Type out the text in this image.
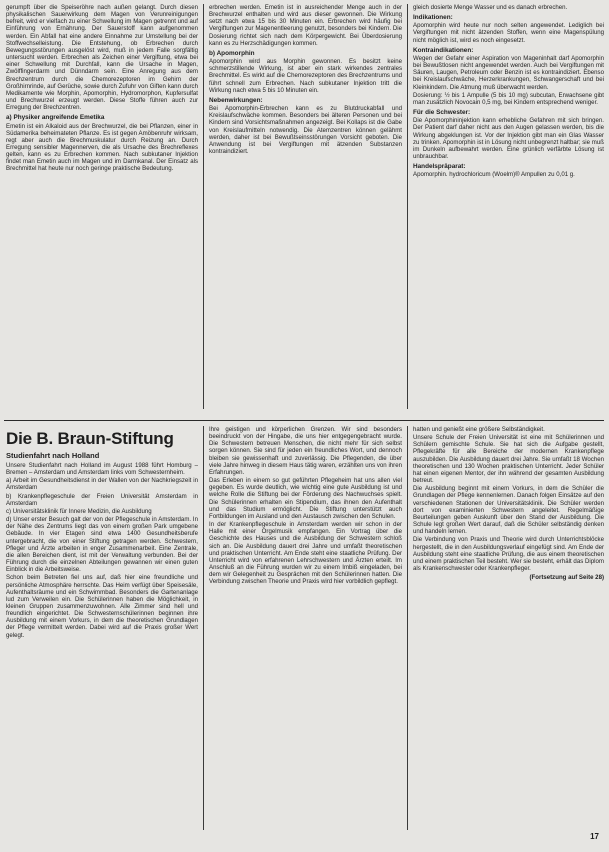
gerumpft über die Speiseröhre nach außen gelangt. Durch diesen physikalischen Sauerwirkung dem Magen von Verunreinigungen befreit, wird er vielfach zu einer Schwellung im Magen getrennt und auf Einführung von Ernährung. Der Sauerstoff kann aufgenommen werden. Ein Abfall hat eine andere Einnahme zur Umstellung bei der Stoffwechselleistung. Die Entstehung, ob Erbrechen durch Bewegungsstörungen ausgelöst wird, muß in jedem Falle sorgfältig untersucht werden. Erbrechen als Zeichen einer Vergiftung, etwa bei einer Schwellung mit Durchfall, kann die Ursache in Magen, Zwölffingerdarm und Dünndarm sein. Eine Anregung aus dem Brechzentrum durch die Chemorezeptoren im Gehirn der Großhirnrinde, auf Gerüche, sowie durch Zufuhr von Giften kann durch Medikamente wie Morphin, Apomorphin, Hydromorphon, Kupfersulfat und Brechwurzel erzeugt werden. Diese Stoffe führen auch zur Erregung der Brechzentren.

a) Physiker angreifende Emetika

Emetin ist ein Alkaloid aus der Brechwurzel, die bei Pflanzen, einer in Südamerika beheimateten Pflanze. Es ist gegen Amöbenruhr wirksam, regt aber auch die Brechmuskulatur durch Reizung an. Durch Erregung sensibler Magennerven, die als Ursache des Brechreflexes gelten, kann es zu Erbrechen kommen. Nach subkutaner Injektion findet man Emetin auch im Magen und im Darmkanal. Der Einsatz als Brechmittel hat heute nur noch geringe praktische Bedeutung.

erbrechen werden. Emetin ist in ausreichender Menge auch in der Brechwurzel enthalten und wird aus dieser gewonnen. Die Wirkung setzt nach etwa 15 bis 30 Minuten ein. Erbrechen wird häufig bei Vergiftungen zur Magenentleerung genutzt, besonders bei Kindern. Die Dosierung richtet sich nach dem Körpergewicht. Bei Überdosierung kann es zu Herzschädigungen kommen.

b) Apomorphin

Apomorphin wird aus Morphin gewonnen. Es besitzt keine schmerzstillende Wirkung, ist aber ein stark wirkendes zentrales Brechmittel. Es wirkt auf die Chemorezeptoren des Brechzentrums und führt schnell zum Erbrechen. Nach subkutaner Injektion tritt die Wirkung nach etwa 5 bis 10 Minuten ein.

Nebenwirkungen:

Bei Apomorphin-Erbrechen kann es zu Blutdruckabfall und Kreislaufschwäche kommen. Besonders bei älteren Personen und bei Kindern sind Vorsichtsmaßnahmen angezeigt. Bei Kollaps ist die Gabe von Kreislaufmitteln notwendig. Die Atemzentren können gelähmt werden, daher ist bei Bewußtseinsstörungen Vorsicht geboten. Die Anwendung ist bei Vergiftungen mit ätzenden Substanzen kontraindiziert.

gleich dosierte Menge Wasser und es danach erbrechen.

Indikationen:

Apomorphin wird heute nur noch selten angewendet. Lediglich bei Vergiftungen mit nicht ätzenden Stoffen, wenn eine Magenspülung nicht möglich ist, wird es noch eingesetzt.

Kontraindikationen:

Wegen der Gefahr einer Aspiration von Mageninhalt darf Apomorphin bei Bewußtlosen nicht angewendet werden. Auch bei Vergiftungen mit Säuren, Laugen, Petroleum oder Benzin ist es kontraindiziert. Ebenso bei Kreislaufschwäche, Herzerkrankungen, Schwangerschaft und bei Kleinkindern. Die Atmung muß überwacht werden.

Dosierung: ½ bis 1 Ampulle (5 bis 10 mg) subcutan, Erwachsene gibt man zusätzlich Novocain 0,5 mg, bei Kindern entsprechend weniger.

Für die Schwester:

Die Apomorphininjektion kann erhebliche Gefahren mit sich bringen. Der Patient darf daher nicht aus den Augen gelassen werden, bis die Wirkung abgeklungen ist. Vor der Injektion gibt man ein Glas Wasser zu trinken. Apomorphin ist in Lösung nicht unbegrenzt haltbar; sie muß im Dunkeln aufbewahrt werden. Eine grünlich verfärbte Lösung ist unbrauchbar.

Handelspräparat:

Apomorphin. hydrochloricum (Woelm)® Ampullen zu 0,01 g.

Die B. Braun-Stiftung
Studienfahrt nach Holland

Unsere Studienfahrt nach Holland im August 1988 führt Homburg – Bremen – Amsterdam und Amsterdam links vom Schwesternheim.

a) Arbeit im Gesundheitsdienst in der Wallen von der Nachkriegszeit in Amsterdam

b) Krankenpflegeschule der Freien Universität Amsterdam in Amsterdam

c) Universitätsklinik für Innere Medizin, die Ausbildung

d) Unser erster Besuch galt der von der Pflegeschule in Amsterdam. In der Nähe des Zentrums liegt das von einem großen Park umgebene Gebäude. In vier Etagen sind etwa 1400 Gesundheitsberufe untergebracht, die von einer Stiftung getragen werden. Schwestern, Pfleger und Ärzte arbeiten in enger Zusammenarbeit. Eine Zentrale, die allen Bereichen dient, ist mit der Verwaltung verbunden. Bei der Führung durch die einzelnen Abteilungen gewannen wir einen guten Einblick in die Arbeitsweise.

Schon beim Betreten fiel uns auf, daß hier eine freundliche und persönliche Atmosphäre herrschte. Das Heim verfügt über Speisesäle, Aufenthaltsräume und ein Schwimmbad. Besonders die Gartenanlage lud zum Verweilen ein. Die Schülerinnen haben die Möglichkeit, in kleinen Gruppen zusammenzuwohnen. Alle Zimmer sind hell und freundlich eingerichtet. Die Schwesternschülerinnen beginnen ihre Ausbildung mit einem Vorkurs, in dem die theoretischen Grundlagen der Pflege vermittelt werden. Dabei wird auf die Praxis großer Wert gelegt.

Ihre geistigen und körperlichen Grenzen. Wir sind besonders beeindruckt von der Hingabe, die uns hier entgegengebracht wurde. Die Schwestern betreuen Menschen, die nicht mehr für sich selbst sorgen können. Sie sind für jeden ein freundliches Wort, und dennoch bleiben sie gewissenhaft und zuverlässig. Die Pflegenden, die über viele Jahre hinweg in diesem Haus tätig waren, erzählten uns von ihren Erfahrungen.

Das Erleben in einem so gut geführten Pflegeheim hat uns allen viel gegeben. Es wurde deutlich, wie wichtig eine gute Ausbildung ist und welche Rolle die Stiftung bei der Förderung des Nachwuchses spielt. Die Schülerinnen erhalten ein Stipendium, das ihnen den Aufenthalt und das Studium ermöglicht. Die Stiftung unterstützt auch Fortbildungen im Ausland und den Austausch zwischen den Schulen.

In der Krankenpflegeschule in Amsterdam werden wir schon in der Halle mit einer Orgelmusik empfangen. Ein Vortrag über die Geschichte des Hauses und die Ausbildung der Schwestern schloß sich an. Die Ausbildung dauert drei Jahre und umfaßt theoretischen und praktischen Unterricht. Am Ende steht eine staatliche Prüfung. Der Unterricht wird von erfahrenen Lehrschwestern und Ärzten erteilt. Im Anschluß an die Führung wurden wir zu einem Imbiß eingeladen, bei dem wir Gelegenheit zu Gesprächen mit den Schülerinnen hatten. Die Verbindung zwischen Theorie und Praxis wird hier vorbildlich gepflegt.

hatten und genießt eine größere Selbständigkeit.

Unsere Schule der Freien Universität ist eine mit Schülerinnen und Schülern gemischte Schule. Sie hat sich die Aufgabe gestellt, Pflegekräfte für alle Bereiche der modernen Krankenpflege auszubilden. Die Ausbildung dauert drei Jahre. Sie umfaßt 18 Wochen theoretischen und 130 Wochen praktischen Unterricht. Jeder Schüler hat einen eigenen Mentor, der ihn während der gesamten Ausbildung betreut.

Die Ausbildung beginnt mit einem Vorkurs, in dem die Schüler die Grundlagen der Pflege kennenlernen. Danach folgen Einsätze auf den verschiedenen Stationen der Universitätsklinik. Die Schüler werden dort von examinierten Schwestern angeleitet. Regelmäßige Beurteilungen geben Auskunft über den Stand der Ausbildung. Die Schule legt großen Wert darauf, daß die Schüler selbständig denken und handeln lernen.

Die Verbindung von Praxis und Theorie wird durch Unterrichtsblöcke hergestellt, die in den Ausbildungsverlauf eingefügt sind. Am Ende der Ausbildung steht eine staatliche Prüfung, die aus einem theoretischen und einem praktischen Teil besteht. Wer sie besteht, erhält das Diplom als Krankenschwester oder Krankenpfleger.

(Fortsetzung auf Seite 28)

17
